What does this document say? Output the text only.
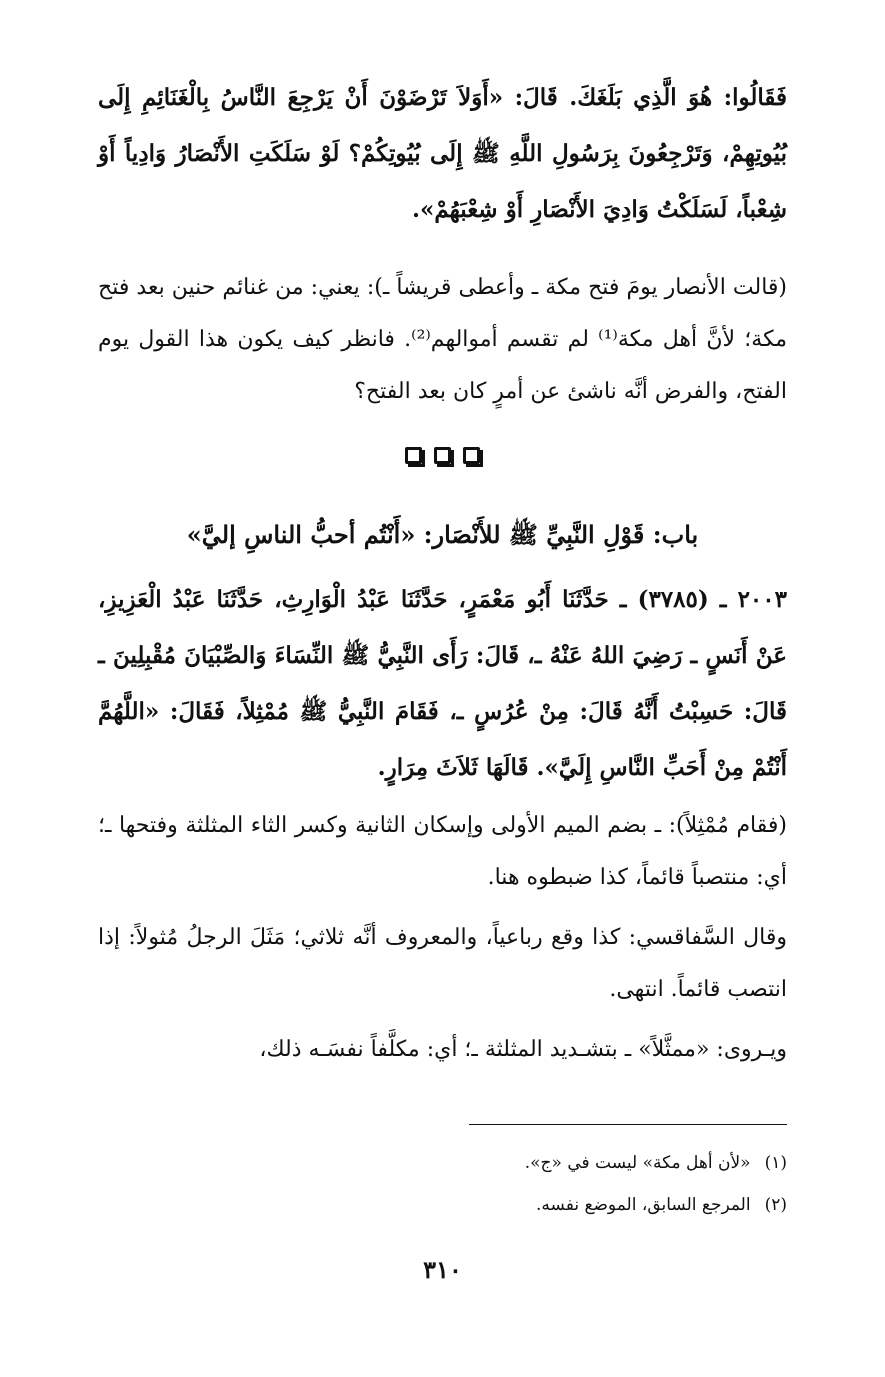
فَقَالُوا: هُوَ الَّذِي بَلَغَكَ. قَالَ: «أَوَلاَ تَرْضَوْنَ أَنْ يَرْجِعَ النَّاسُ بِالْغَنَائِمِ إِلَى بُيُوتِهِمْ، وَتَرْجِعُونَ بِرَسُولِ اللَّهِ ﷺ إِلَى بُيُوتِكُمْ؟ لَوْ سَلَكَتِ الأَنْصَارُ وَادِياً أَوْ شِعْباً، لَسَلَكْتُ وَادِيَ الأَنْصَارِ أَوْ شِعْبَهُمْ».

(قالت الأنصار يومَ فتح مكة ـ وأعطى قريشاً ـ): يعني: من غنائم حنين بعد فتح مكة؛ لأنَّ أهل مكة⁽¹⁾ لم تقسم أموالهم⁽²⁾. فانظر كيف يكون هذا القول يوم الفتح، والفرض أنَّه ناشئ عن أمرٍ كان بعد الفتح؟

باب: قَوْلِ النَّبِيِّ ﷺ للأَنْصَار: «أَنْتُم أحبُّ الناسِ إليَّ»

٢٠٠٣ ـ (٣٧٨٥) ـ حَدَّثَنَا أَبُو مَعْمَرٍ، حَدَّثَنَا عَبْدُ الْوَارِثِ، حَدَّثَنَا عَبْدُ الْعَزِيزِ، عَنْ أَنَسٍ ـ رَضِيَ اللهُ عَنْهُ ـ، قَالَ: رَأَى النَّبِيُّ ﷺ النِّسَاءَ وَالصِّبْيَانَ مُقْبِلِينَ ـ قَالَ: حَسِبْتُ أَنَّهُ قَالَ: مِنْ عُرُسٍ ـ، فَقَامَ النَّبِيُّ ﷺ مُمْثِلاً، فَقَالَ: «اللَّهُمَّ أَنْتُمْ مِنْ أَحَبِّ النَّاسِ إِلَيَّ». قَالَهَا ثَلاَثَ مِرَارٍ.

(فقام مُمْثِلاً): ـ بضم الميم الأولى وإسكان الثانية وكسر الثاء المثلثة وفتحها ـ؛ أي: منتصباً قائماً، كذا ضبطوه هنا.

وقال السَّفاقسي: كذا وقع رباعياً، والمعروف أنَّه ثلاثي؛ مَثَلَ الرجلُ مُثولاً: إذا انتصب قائماً. انتهى.

ويـروى: «ممثَّلاً» ـ بتشـديد المثلثة ـ؛ أي: مكلَّفاً نفسَـه ذلك،

(١)«لأن أهل مكة» ليست في «ج».

(٢)المرجع السابق، الموضع نفسه.

٣١٠
